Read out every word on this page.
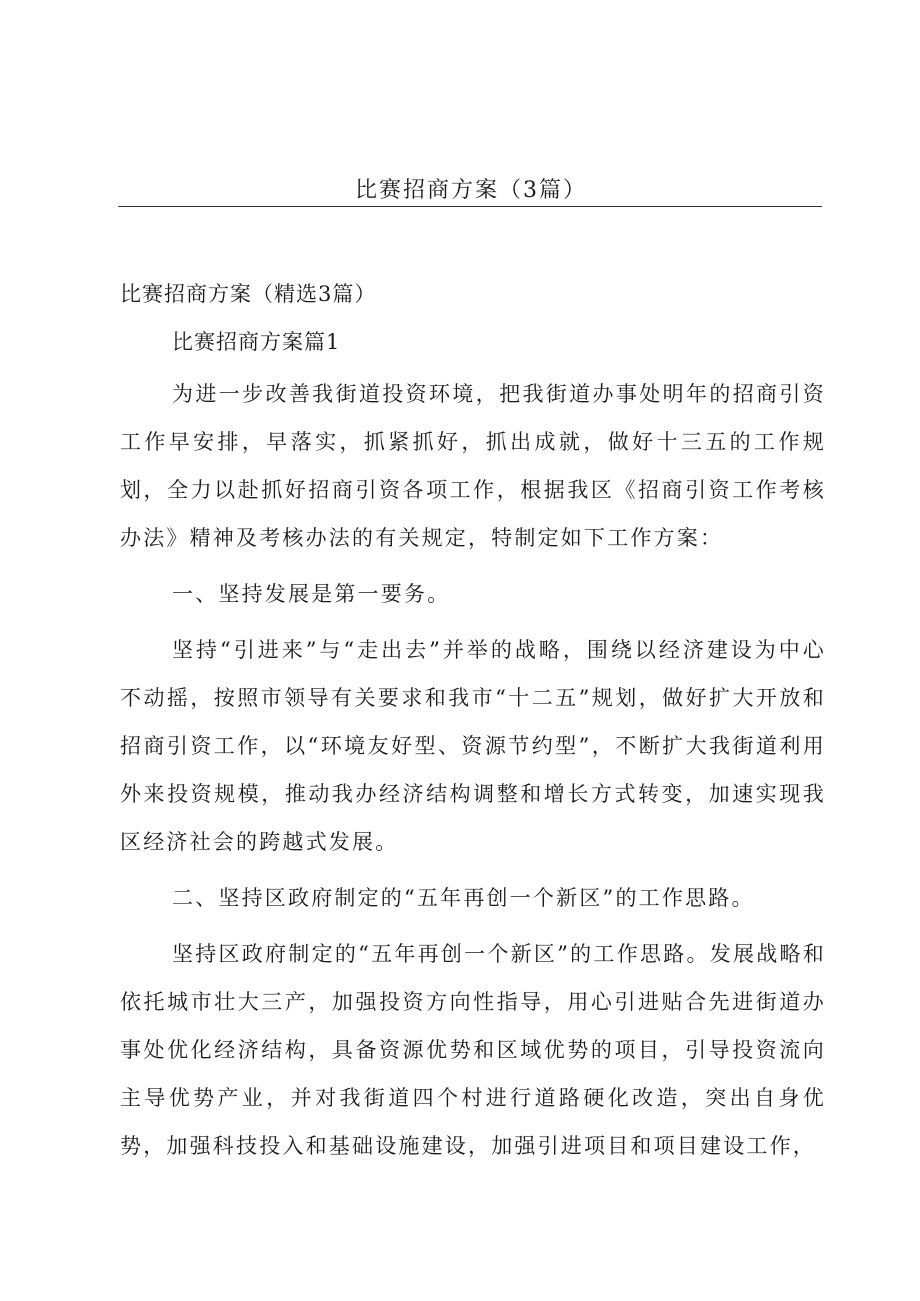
比赛招商方案（3篇）

比赛招商方案（精选3篇）

比赛招商方案篇1

为进一步改善我街道投资环境，把我街道办事处明年的招商引资工作早安排，早落实，抓紧抓好，抓出成就，做好十三五的工作规划，全力以赴抓好招商引资各项工作，根据我区《招商引资工作考核办法》精神及考核办法的有关规定，特制定如下工作方案：

一、坚持发展是第一要务。

坚持“引进来”与“走出去”并举的战略，围绕以经济建设为中心不动摇，按照市领导有关要求和我市“十二五”规划，做好扩大开放和招商引资工作，以“环境友好型、资源节约型”，不断扩大我街道利用外来投资规模，推动我办经济结构调整和增长方式转变，加速实现我区经济社会的跨越式发展。

二、坚持区政府制定的“五年再创一个新区”的工作思路。

坚持区政府制定的“五年再创一个新区”的工作思路。发展战略和依托城市壮大三产，加强投资方向性指导，用心引进贴合先进街道办事处优化经济结构，具备资源优势和区域优势的项目，引导投资流向主导优势产业，并对我街道四个村进行道路硬化改造，突出自身优势，加强科技投入和基础设施建设，加强引进项目和项目建设工作，
